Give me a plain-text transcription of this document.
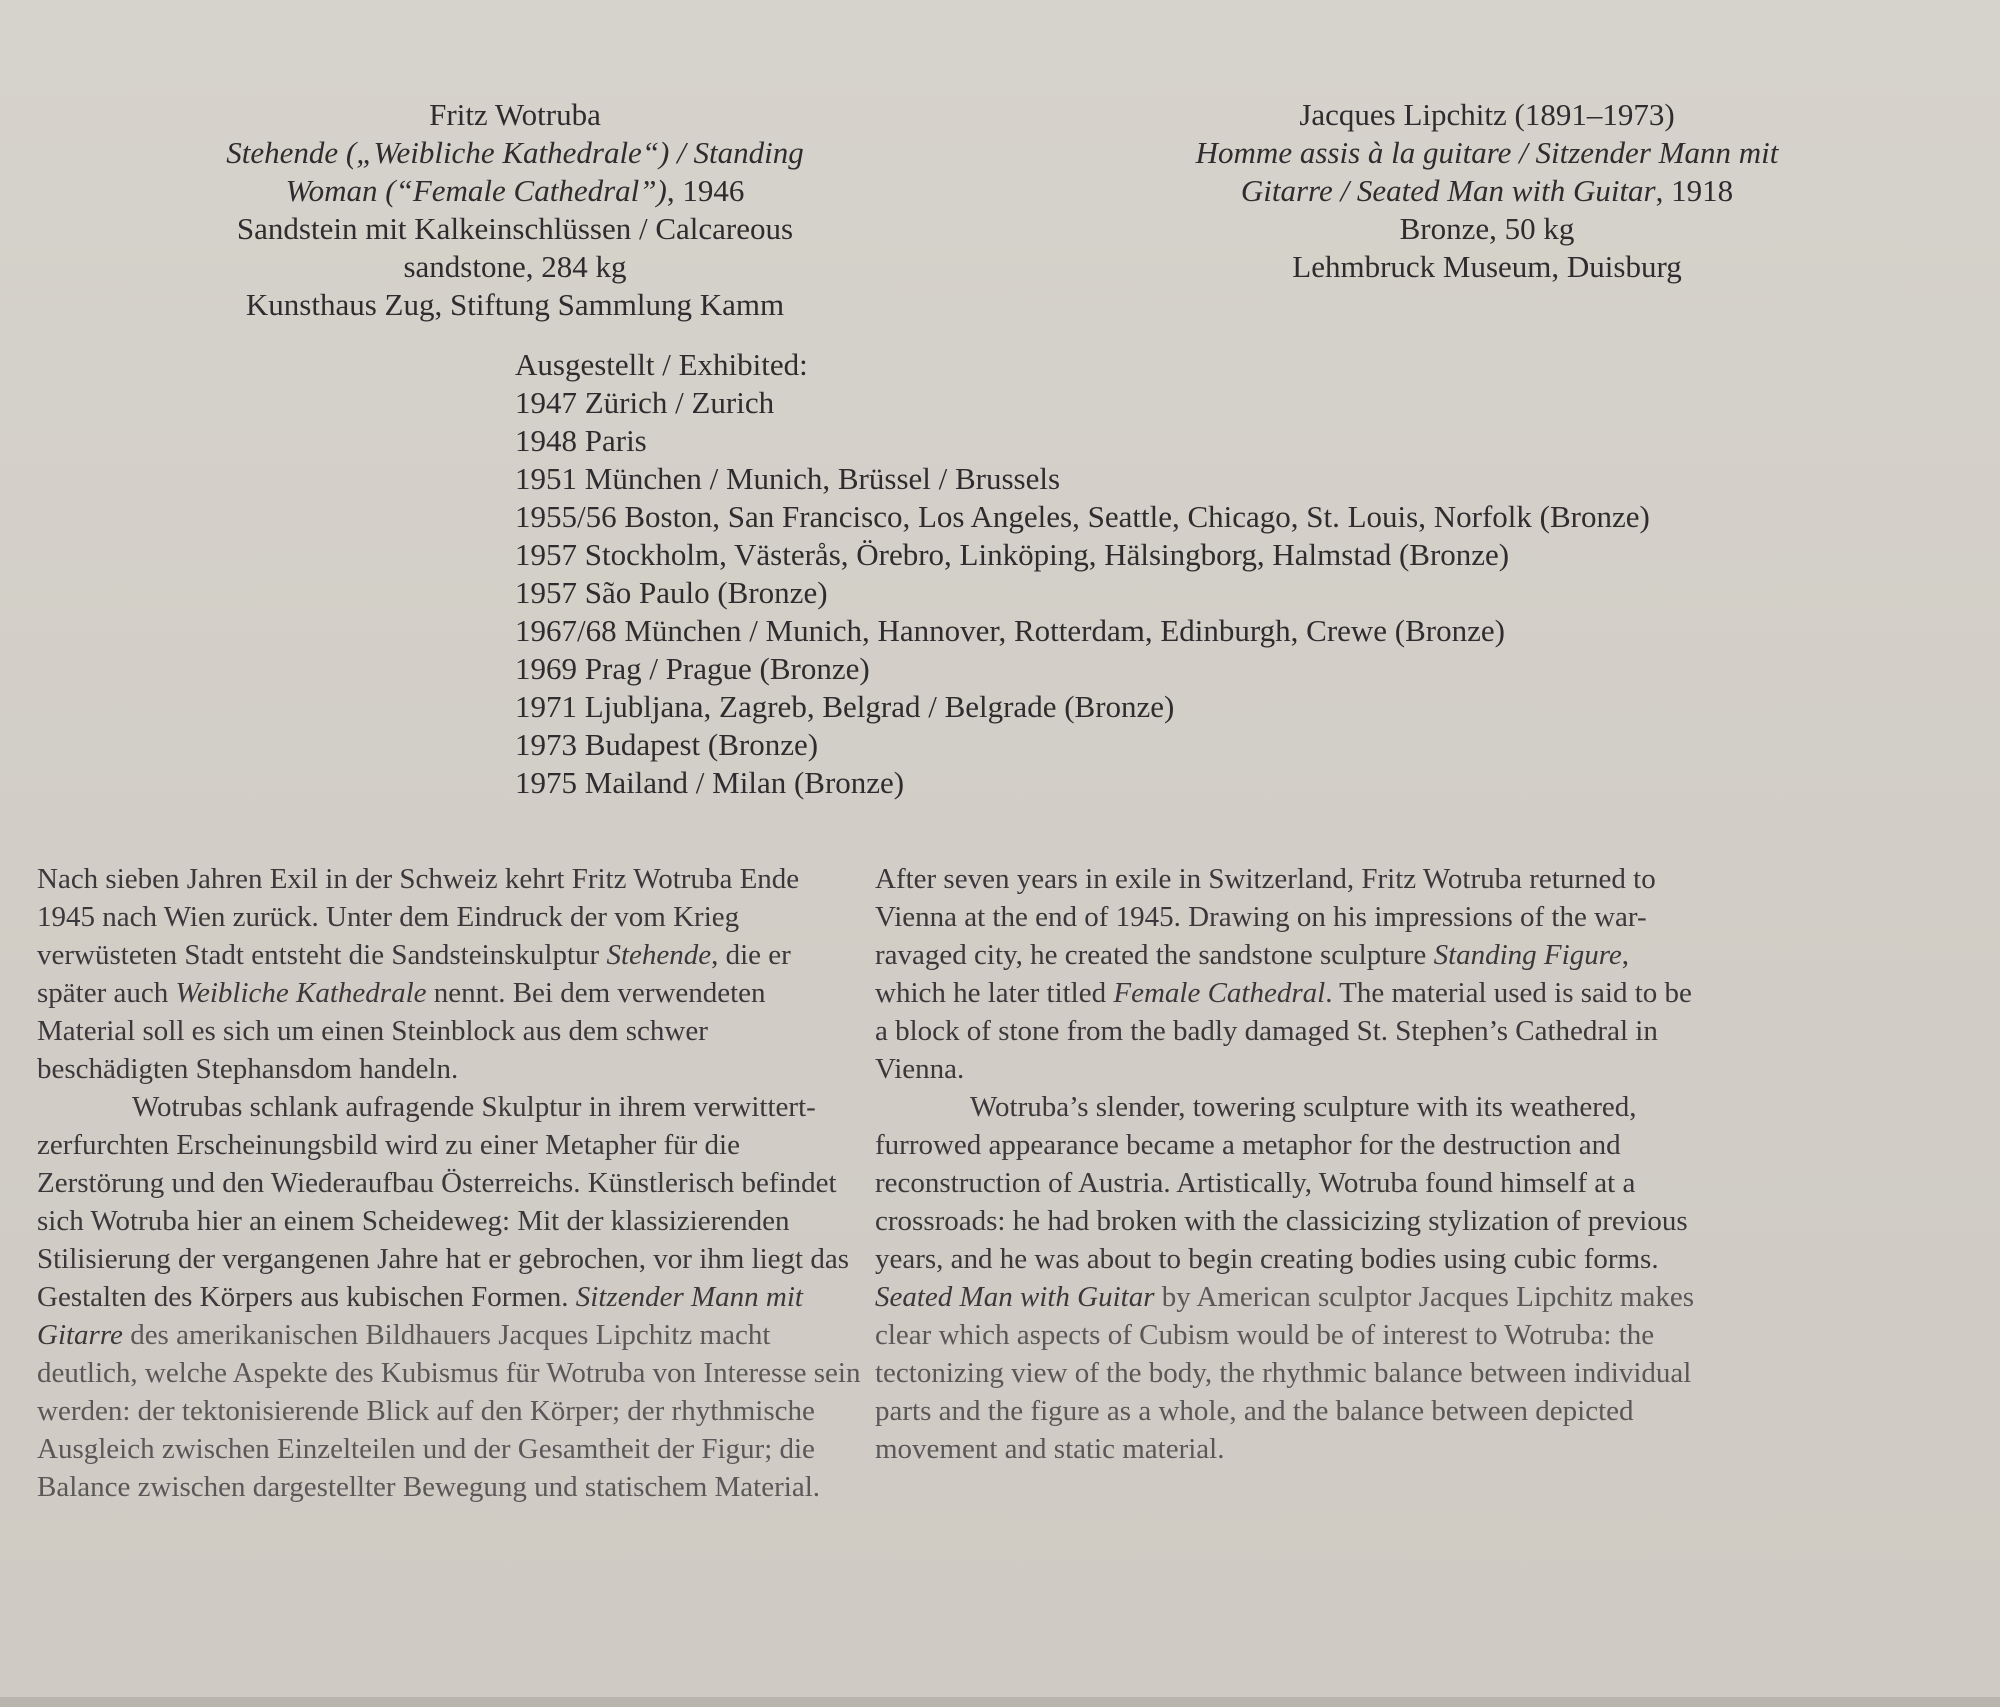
Fritz Wotruba
Stehende („Weibliche Kathedrale“) / Standing
Woman (“Female Cathedral”), 1946
Sandstein mit Kalkeinschlüssen / Calcareous
sandstone, 284 kg
Kunsthaus Zug, Stiftung Sammlung Kamm
Jacques Lipchitz (1891–1973)
Homme assis à la guitare / Sitzender Mann mit
Gitarre / Seated Man with Guitar, 1918
Bronze, 50 kg
Lehmbruck Museum, Duisburg
Ausgestellt / Exhibited:
1947 Zürich / Zurich
1948 Paris
1951 München / Munich, Brüssel / Brussels
1955/56 Boston, San Francisco, Los Angeles, Seattle, Chicago, St. Louis, Norfolk (Bronze)
1957 Stockholm, Västerås, Örebro, Linköping, Hälsingborg, Halmstad (Bronze)
1957 São Paulo (Bronze)
1967/68 München / Munich, Hannover, Rotterdam, Edinburgh, Crewe (Bronze)
1969 Prag / Prague (Bronze)
1971 Ljubljana, Zagreb, Belgrad / Belgrade (Bronze)
1973 Budapest (Bronze)
1975 Mailand / Milan (Bronze)

Nach sieben Jahren Exil in der Schweiz kehrt Fritz Wotruba Ende 1945 nach Wien zurück. Unter dem Eindruck der vom Krieg verwüsteten Stadt entsteht die Sandsteinskulptur Stehende, die er später auch Weibliche Kathedrale nennt. Bei dem verwendeten Material soll es sich um einen Steinblock aus dem schwer beschädigten Stephansdom handeln.

Wotrubas schlank aufragende Skulptur in ihrem verwittert-zerfurchten Erscheinungsbild wird zu einer Metapher für die Zerstörung und den Wiederaufbau Österreichs. Künstlerisch befindet sich Wotruba hier an einem Scheideweg: Mit der klassizierenden Stilisierung der vergangenen Jahre hat er gebrochen, vor ihm liegt das Gestalten des Körpers aus kubischen Formen. Sitzender Mann mit Gitarre des amerikanischen Bildhauers Jacques Lipchitz macht deutlich, welche Aspekte des Kubismus für Wotruba von Interesse sein werden: der tektonisierende Blick auf den Körper; der rhythmische Ausgleich zwischen Einzelteilen und der Gesamtheit der Figur; die Balance zwischen dargestellter Bewegung und statischem Material.

After seven years in exile in Switzerland, Fritz Wotruba returned to Vienna at the end of 1945. Drawing on his impressions of the war-ravaged city, he created the sandstone sculpture Standing Figure, which he later titled Female Cathedral. The material used is said to be a block of stone from the badly damaged St. Stephen’s Cathedral in Vienna.

Wotruba’s slender, towering sculpture with its weathered, furrowed appearance became a metaphor for the destruction and reconstruction of Austria. Artistically, Wotruba found himself at a crossroads: he had broken with the classicizing stylization of previous years, and he was about to begin creating bodies using cubic forms. Seated Man with Guitar by American sculptor Jacques Lipchitz makes clear which aspects of Cubism would be of interest to Wotruba: the tectonizing view of the body, the rhythmic balance between individual parts and the figure as a whole, and the balance between depicted movement and static material.
